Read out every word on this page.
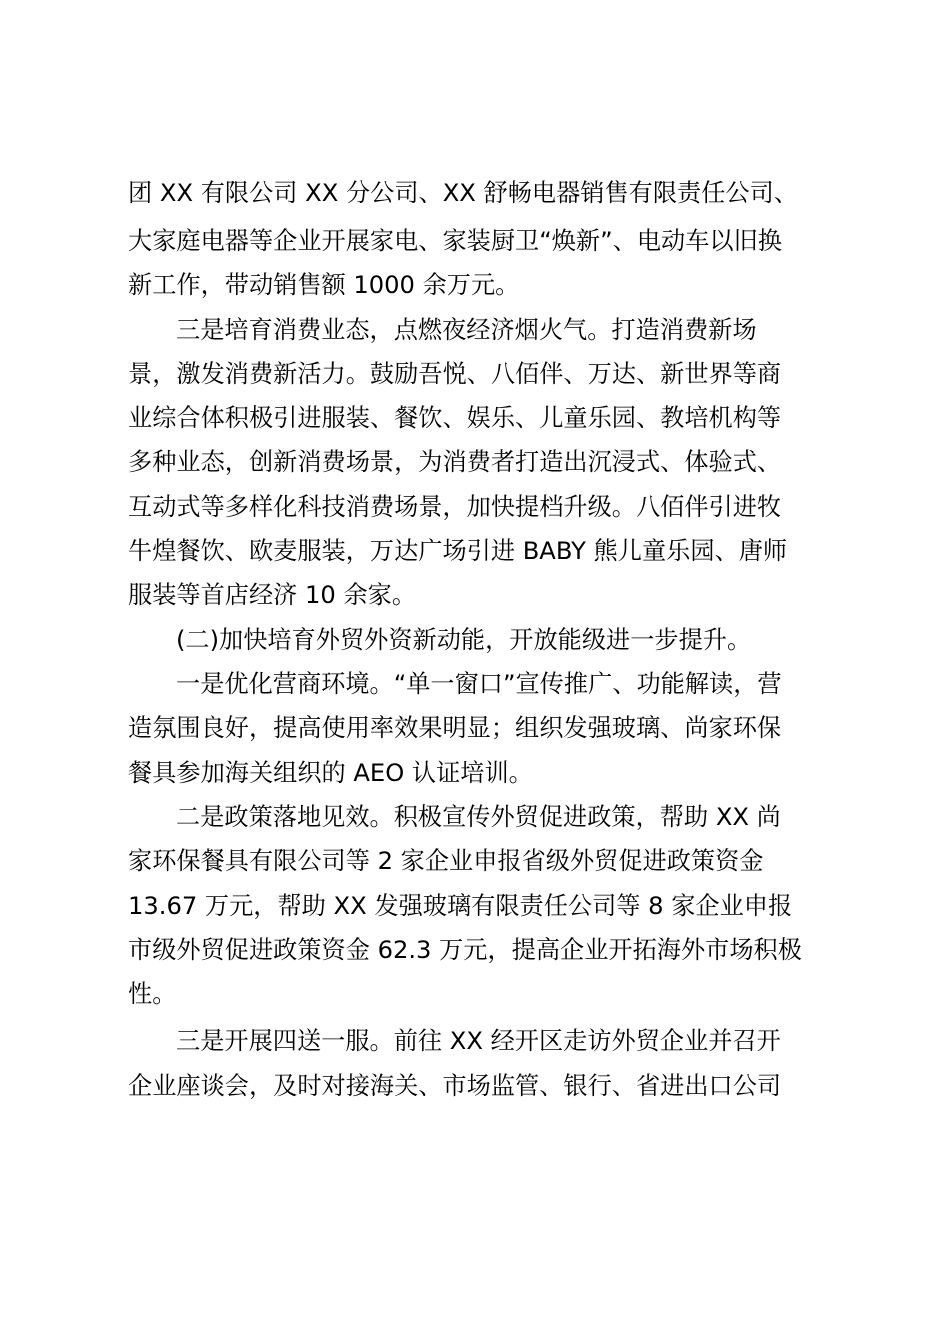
团 XX 有限公司 XX 分公司、XX 舒畅电器销售有限责任公司、
大家庭电器等企业开展家电、家装厨卫“焕新”、电动车以旧换
新工作，带动销售额 1000 余万元。
三是培育消费业态，点燃夜经济烟火气。打造消费新场
景，激发消费新活力。鼓励吾悦、八佰伴、万达、新世界等商
业综合体积极引进服装、餐饮、娱乐、儿童乐园、教培机构等
多种业态，创新消费场景，为消费者打造出沉浸式、体验式、
互动式等多样化科技消费场景，加快提档升级。八佰伴引进牧
牛煌餐饮、欧麦服装，万达广场引进 BABY 熊儿童乐园、唐师
服装等首店经济 10 余家。
(二)加快培育外贸外资新动能，开放能级进一步提升。
一是优化营商环境。“单一窗口”宣传推广、功能解读，营
造氛围良好，提高使用率效果明显；组织发强玻璃、尚家环保
餐具参加海关组织的 AEO 认证培训。
二是政策落地见效。积极宣传外贸促进政策，帮助 XX 尚
家环保餐具有限公司等 2 家企业申报省级外贸促进政策资金
13.67 万元，帮助 XX 发强玻璃有限责任公司等 8 家企业申报
市级外贸促进政策资金 62.3 万元，提高企业开拓海外市场积极
性。
三是开展四送一服。前往 XX 经开区走访外贸企业并召开
企业座谈会，及时对接海关、市场监管、银行、省进出口公司
